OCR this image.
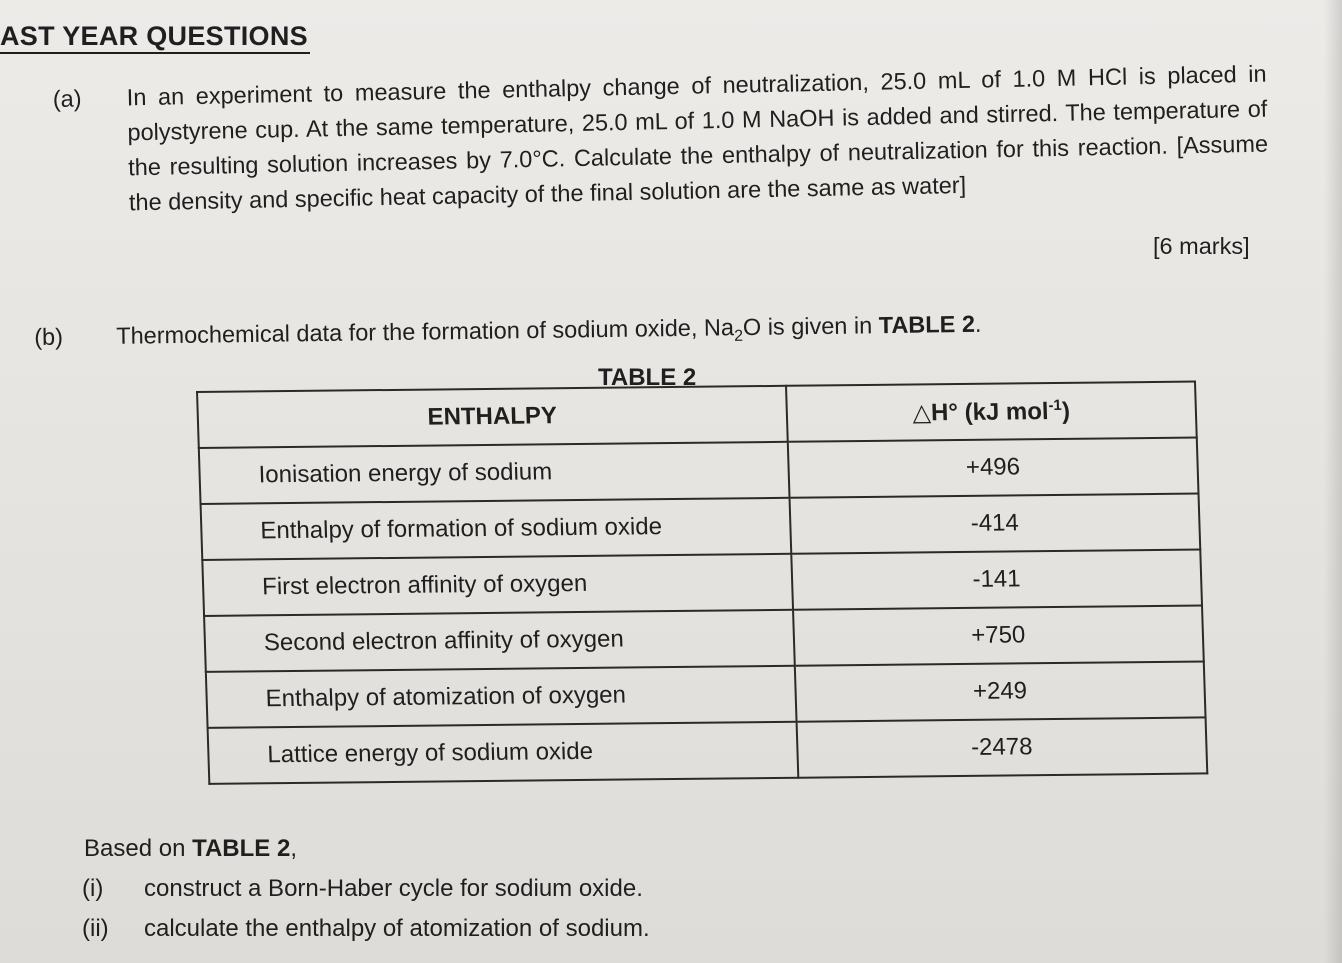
AST YEAR QUESTIONS
(a) In an experiment to measure the enthalpy change of neutralization, 25.0 mL of 1.0 M HCl is placed in polystyrene cup. At the same temperature, 25.0 mL of 1.0 M NaOH is added and stirred. The temperature of the resulting solution increases by 7.0°C. Calculate the enthalpy of neutralization for this reaction. [Assume the density and specific heat capacity of the final solution are the same as water]
[6 marks]
(b) Thermochemical data for the formation of sodium oxide, $Na_2O$ is given in TABLE 2.
TABLE 2
ENTHALPY	△H° (kJ mol$^{-1}$)
Ionisation energy of sodium	+496
Enthalpy of formation of sodium oxide	-414
First electron affinity of oxygen	-141
Second electron affinity of oxygen	+750
Enthalpy of atomization of oxygen	+249
Lattice energy of sodium oxide	-2478
Based on TABLE 2,
(i) construct a Born-Haber cycle for sodium oxide.
(ii) calculate the enthalpy of atomization of sodium.
